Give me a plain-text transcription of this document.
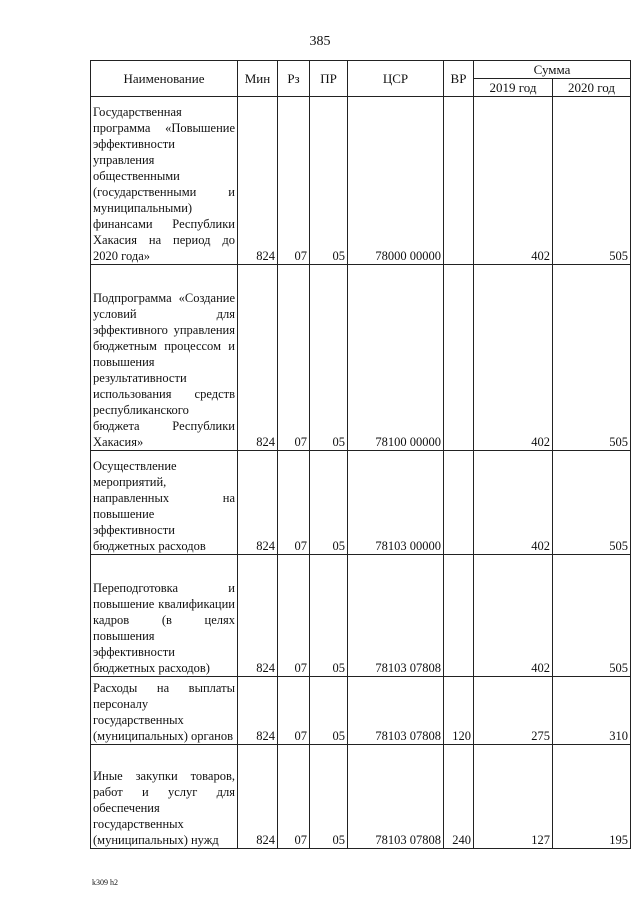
385
Наименование	Мин	Рз	ПР	ЦСР	ВР	Сумма	
						2019 год	2020 год
Государственная программа «Повышение эффективности управления общественными (государственными и муниципальными) финансами Республики Хакасия на период до 2020 года»	824	07	05	78000 00000		402	505
Подпрограмма «Создание условий для эффективного управления бюджетным процессом и повышения результативности использования средств республиканского бюджета Республики Хакасия»	824	07	05	78100 00000		402	505
Осуществление мероприятий, направленных на повышение эффективности бюджетных расходов	824	07	05	78103 00000		402	505
Переподготовка и повышение квалификации кадров (в целях повышения эффективности бюджетных расходов)	824	07	05	78103 07808		402	505
Расходы на выплаты персоналу государственных (муниципальных) органов	824	07	05	78103 07808	120	275	310
Иные закупки товаров, работ и услуг для обеспечения государственных (муниципальных) нужд	824	07	05	78103 07808	240	127	195
k309 h2
